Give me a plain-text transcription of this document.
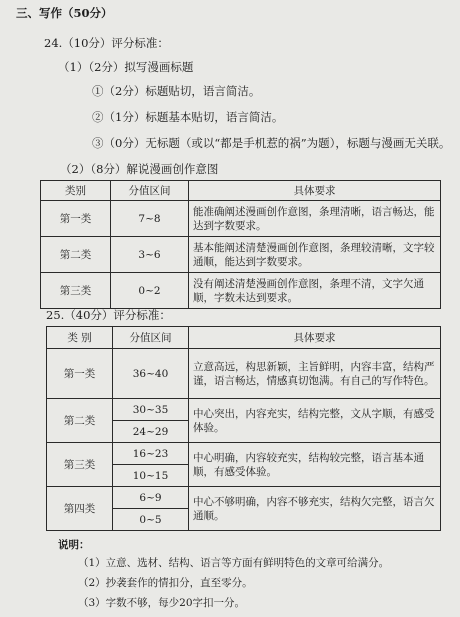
三、写作（50分）
24.（10分）评分标准：
（1）（2分）拟写漫画标题
①（2分）标题贴切，语言简洁。
②（1分）标题基本贴切，语言简洁。
③（0分）无标题（或以“都是手机惹的祸”为题），标题与漫画无关联。
（2）（8分）解说漫画创作意图
类别	分值区间	具体要求
第一类	7~8	能准确阐述漫画创作意图，条理清晰，语言畅达，能达到字数要求。
第二类	3~6	基本能阐述清楚漫画创作意图，条理较清晰，文字较通顺，能达到字数要求。
第三类	0~2	没有阐述清楚漫画创作意图，条理不清，文字欠通顺，字数未达到要求。
25.（40分）评分标准：
类 别	分值区间	具体要求
第一类	36~40	立意高远，构思新颖，主旨鲜明，内容丰富，结构严谨，语言畅达，情感真切饱满。有自己的写作特色。
第二类	30~35	中心突出，内容充实，结构完整，文从字顺，有感受体验。
	24~29	
第三类	16~23	中心明确，内容较充实，结构较完整，语言基本通顺，有感受体验。
	10~15	
第四类	6~9	中心不够明确，内容不够充实，结构欠完整，语言欠通顺。
	0~5	
说明：
（1）立意、选材、结构、语言等方面有鲜明特色的文章可给满分。
（2）抄袭套作的情扣分，直至零分。
（3）字数不够，每少20字扣一分。
